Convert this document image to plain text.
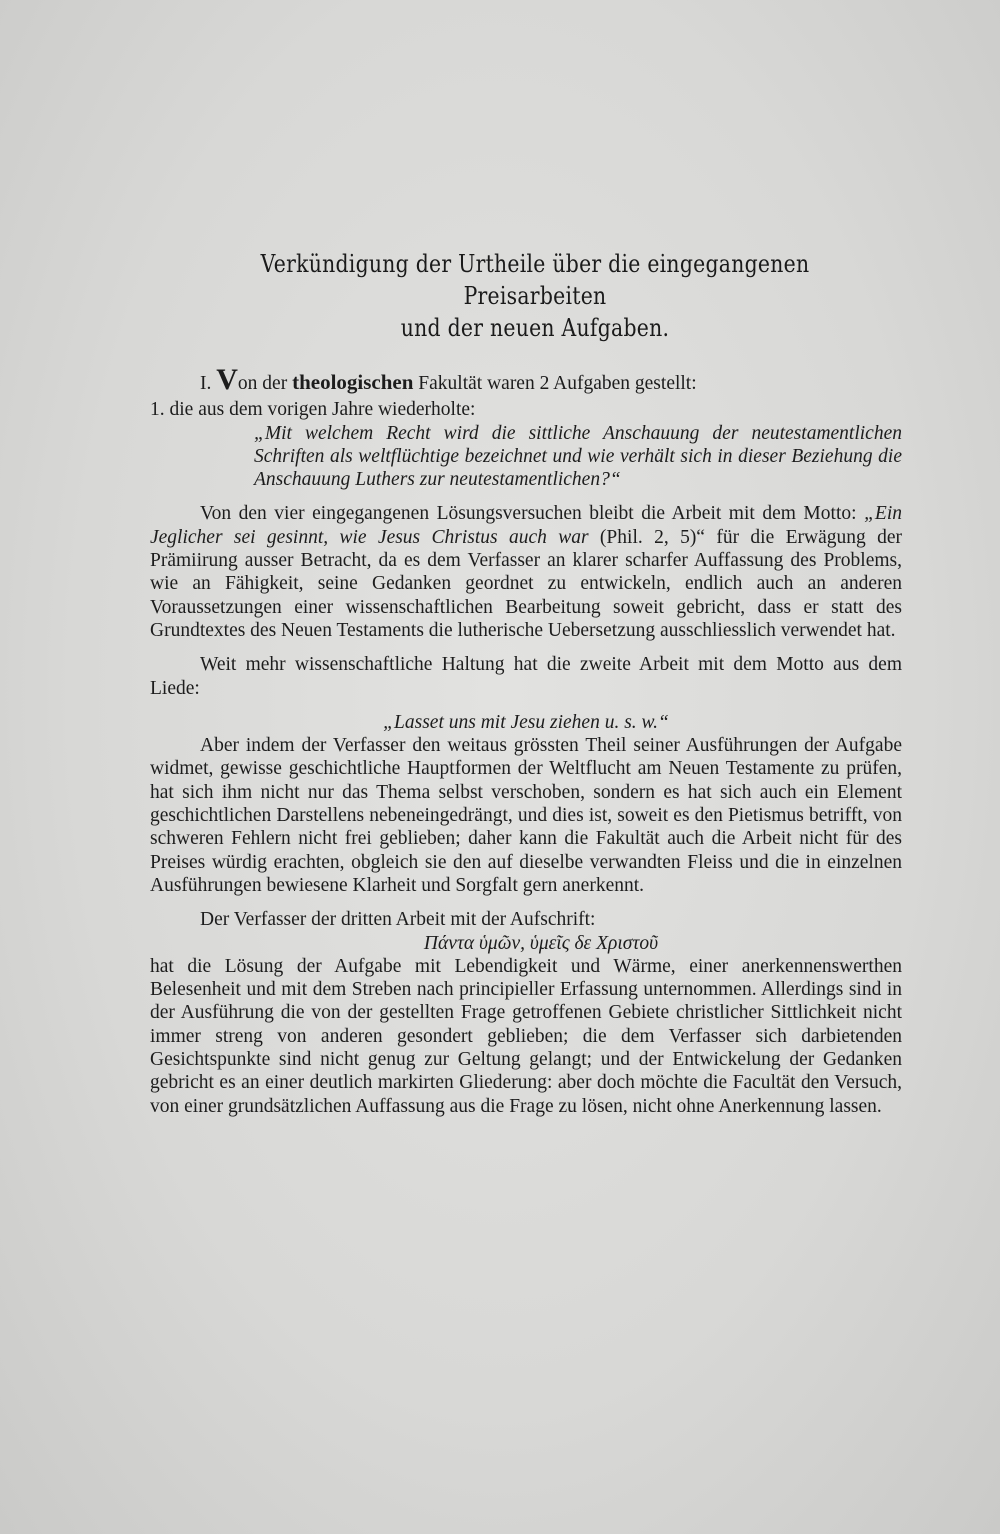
Verkündigung der Urtheile über die eingegangenen Preisarbeiten
und der neuen Aufgaben.

I. Von der theologischen Fakultät waren 2 Aufgaben gestellt:

1. die aus dem vorigen Jahre wiederholte:

„Mit welchem Recht wird die sittliche Anschauung der neutestamentlichen Schriften als weltflüchtige bezeichnet und wie verhält sich in dieser Beziehung die Anschauung Luthers zur neutestamentlichen?“

Von den vier eingegangenen Lösungsversuchen bleibt die Arbeit mit dem Motto: „Ein Jeglicher sei gesinnt, wie Jesus Christus auch war (Phil. 2, 5)“ für die Erwägung der Prämiirung ausser Betracht, da es dem Verfasser an klarer scharfer Auffassung des Problems, wie an Fähigkeit, seine Gedanken geordnet zu entwickeln, endlich auch an anderen Voraussetzungen einer wissenschaftlichen Bearbeitung soweit gebricht, dass er statt des Grundtextes des Neuen Testaments die lutherische Uebersetzung ausschliesslich verwendet hat.

Weit mehr wissenschaftliche Haltung hat die zweite Arbeit mit dem Motto aus dem Liede:

„Lasset uns mit Jesu ziehen u. s. w.“

Aber indem der Verfasser den weitaus grössten Theil seiner Ausführungen der Aufgabe widmet, gewisse geschichtliche Hauptformen der Weltflucht am Neuen Testamente zu prüfen, hat sich ihm nicht nur das Thema selbst verschoben, sondern es hat sich auch ein Element geschichtlichen Darstellens nebeneingedrängt, und dies ist, soweit es den Pietismus betrifft, von schweren Fehlern nicht frei geblieben; daher kann die Fakultät auch die Arbeit nicht für des Preises würdig erachten, obgleich sie den auf dieselbe verwandten Fleiss und die in einzelnen Ausführungen bewiesene Klarheit und Sorgfalt gern anerkennt.

Der Verfasser der dritten Arbeit mit der Aufschrift:

Πάντα ὑμῶν, ὑμεῖς δε Χριστοῦ

hat die Lösung der Aufgabe mit Lebendigkeit und Wärme, einer anerkennenswerthen Belesenheit und mit dem Streben nach principieller Erfassung unternommen. Allerdings sind in der Ausführung die von der gestellten Frage getroffenen Gebiete christlicher Sittlichkeit nicht immer streng von anderen gesondert geblieben; die dem Verfasser sich darbietenden Gesichtspunkte sind nicht genug zur Geltung gelangt; und der Entwickelung der Gedanken gebricht es an einer deutlich markirten Gliederung: aber doch möchte die Facultät den Versuch, von einer grundsätzlichen Auffassung aus die Frage zu lösen, nicht ohne Anerkennung lassen.
